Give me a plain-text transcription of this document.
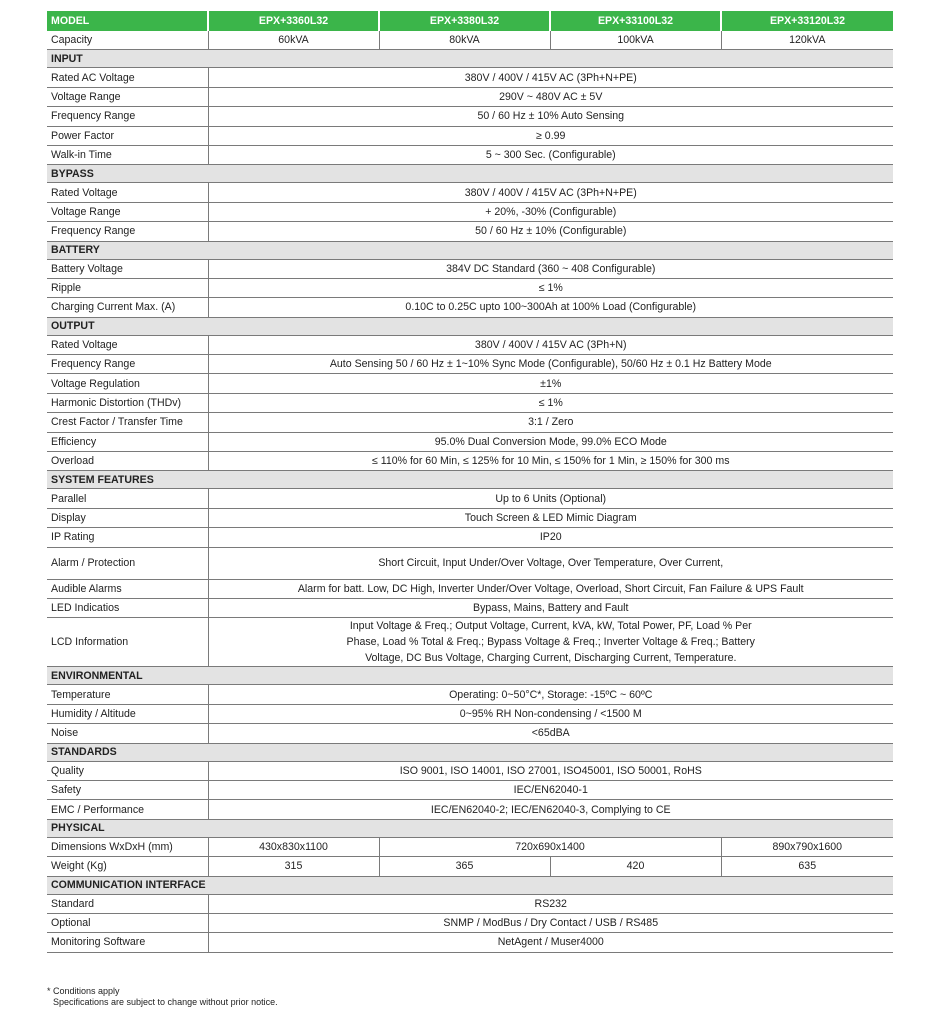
MODEL	EPX+3360L32	EPX+3380L32	EPX+33100L32	EPX+33120L32
Capacity	60kVA	80kVA	100kVA	120kVA
INPUT				
Rated AC Voltage	380V / 400V / 415V AC (3Ph+N+PE)			
Voltage Range	290V ~ 480V AC ± 5V			
Frequency Range	50 / 60 Hz ± 10% Auto Sensing			
Power Factor	≥ 0.99			
Walk-in Time	5 ~ 300 Sec. (Configurable)			
BYPASS				
Rated Voltage	380V / 400V / 415V AC (3Ph+N+PE)			
Voltage Range	+ 20%, -30% (Configurable)			
Frequency Range	50 / 60 Hz ± 10% (Configurable)			
BATTERY				
Battery Voltage	384V DC Standard (360 ~ 408 Configurable)			
Ripple	≤ 1%			
Charging Current Max. (A)	0.10C to 0.25C upto 100~300Ah at 100% Load (Configurable)			
OUTPUT				
Rated Voltage	380V / 400V / 415V AC (3Ph+N)			
Frequency Range	Auto Sensing 50 / 60 Hz ± 1~10% Sync Mode (Configurable), 50/60 Hz ± 0.1 Hz Battery Mode			
Voltage Regulation	±1%			
Harmonic Distortion (THDv)	≤ 1%			
Crest Factor / Transfer Time	3:1 / Zero			
Efficiency	95.0% Dual Conversion Mode, 99.0% ECO Mode			
Overload	≤ 110% for 60 Min, ≤ 125% for 10 Min, ≤ 150% for 1 Min, ≥ 150% for 300 ms			
SYSTEM FEATURES				
Parallel	Up to 6 Units (Optional)			
Display	Touch Screen & LED Mimic Diagram			
IP Rating	IP20			
Alarm / Protection	Short Circuit, Input Under/Over Voltage, Over Temperature, Over Current,			
Audible Alarms	Alarm for batt. Low, DC High, Inverter Under/Over Voltage, Overload, Short Circuit, Fan Failure & UPS Fault			
LED Indicatios	Bypass, Mains, Battery and Fault			
LCD Information	Input Voltage & Freq.; Output Voltage, Current, kVA, kW, Total Power, PF, Load % Per
Phase, Load % Total & Freq.; Bypass Voltage & Freq.; Inverter Voltage & Freq.; Battery
Voltage, DC Bus Voltage, Charging Current, Discharging Current, Temperature.			

ENVIRONMENTAL				
Temperature	Operating: 0~50°C*, Storage: -15ºC ~ 60ºC			
Humidity / Altitude	0~95% RH Non-condensing / <1500 M			
Noise	<65dBA			
STANDARDS				
Quality	ISO 9001, ISO 14001, ISO 27001, ISO45001, ISO 50001, RoHS			
Safety	IEC/EN62040-1			
EMC / Performance	IEC/EN62040-2; IEC/EN62040-3, Complying to CE			
PHYSICAL				
Dimensions WxDxH (mm)	430x830x1100	720x690x1400		890x790x1600
Weight (Kg)	315	365	420	635
COMMUNICATION INTERFACE				
Standard	RS232			
Optional	SNMP / ModBus / Dry Contact / USB / RS485			
Monitoring Software	NetAgent / Muser4000			
* Conditions apply
Specifications are subject to change without prior notice.
